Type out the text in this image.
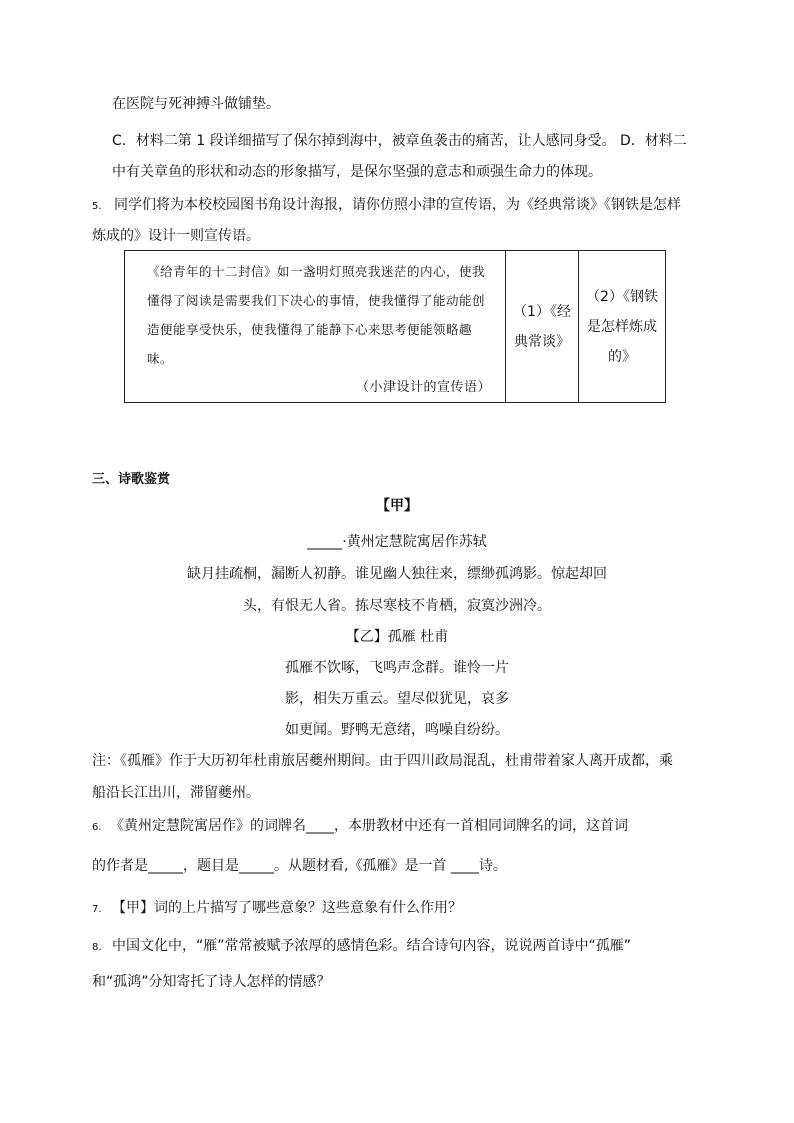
在医院与死神搏斗做铺垫。
C．材料二第 1 段详细描写了保尔掉到海中，被章鱼袭击的痛苦，让人感同身受。 D．材料二
中有关章鱼的形状和动态的形象描写，是保尔坚强的意志和顽强生命力的体现。
5. 同学们将为本校校园图书角设计海报，请你仿照小津的宣传语，为《经典常谈》《钢铁是怎样
炼成的》设计一则宣传语。
《给青年的十二封信》如一盏明灯照亮我迷茫的内心，使我
懂得了阅读是需要我们下决心的事情，使我懂得了能动能创
造便能享受快乐，使我懂得了能静下心来思考便能领略趣味。
（小津设计的宣传语）

（1）《经
典常谈》

（2）《钢铁
是怎样炼成
的》
三、诗歌鉴赏
【甲】
_____·黄州定慧院寓居作苏轼
缺月挂疏桐，漏断人初静。谁见幽人独往来，缥缈孤鸿影。惊起却回
头，有恨无人省。拣尽寒枝不肯栖，寂寞沙洲冷。
【乙】孤雁 杜甫
孤雁不饮啄，飞鸣声念群。谁怜一片
影，相失万重云。望尽似犹见，哀多
如更闻。野鸭无意绪，鸣噪自纷纷。
注：《孤雁》作于大历初年杜甫旅居夔州期间。由于四川政局混乱，杜甫带着家人离开成都，乘
船沿长江出川，滞留夔州。
6. 《黄州定慧院寓居作》的词牌名____，本册教材中还有一首相同词牌名的词，这首词
的作者是_____，题目是_____。从题材看,《孤雁》是一首 ____诗。
7. 【甲】词的上片描写了哪些意象？这些意象有什么作用？
8. 中国文化中，“雁”常常被赋予浓厚的感情色彩。结合诗句内容，说说两首诗中“孤雁”
和“孤鸿”分知寄托了诗人怎样的情感？
